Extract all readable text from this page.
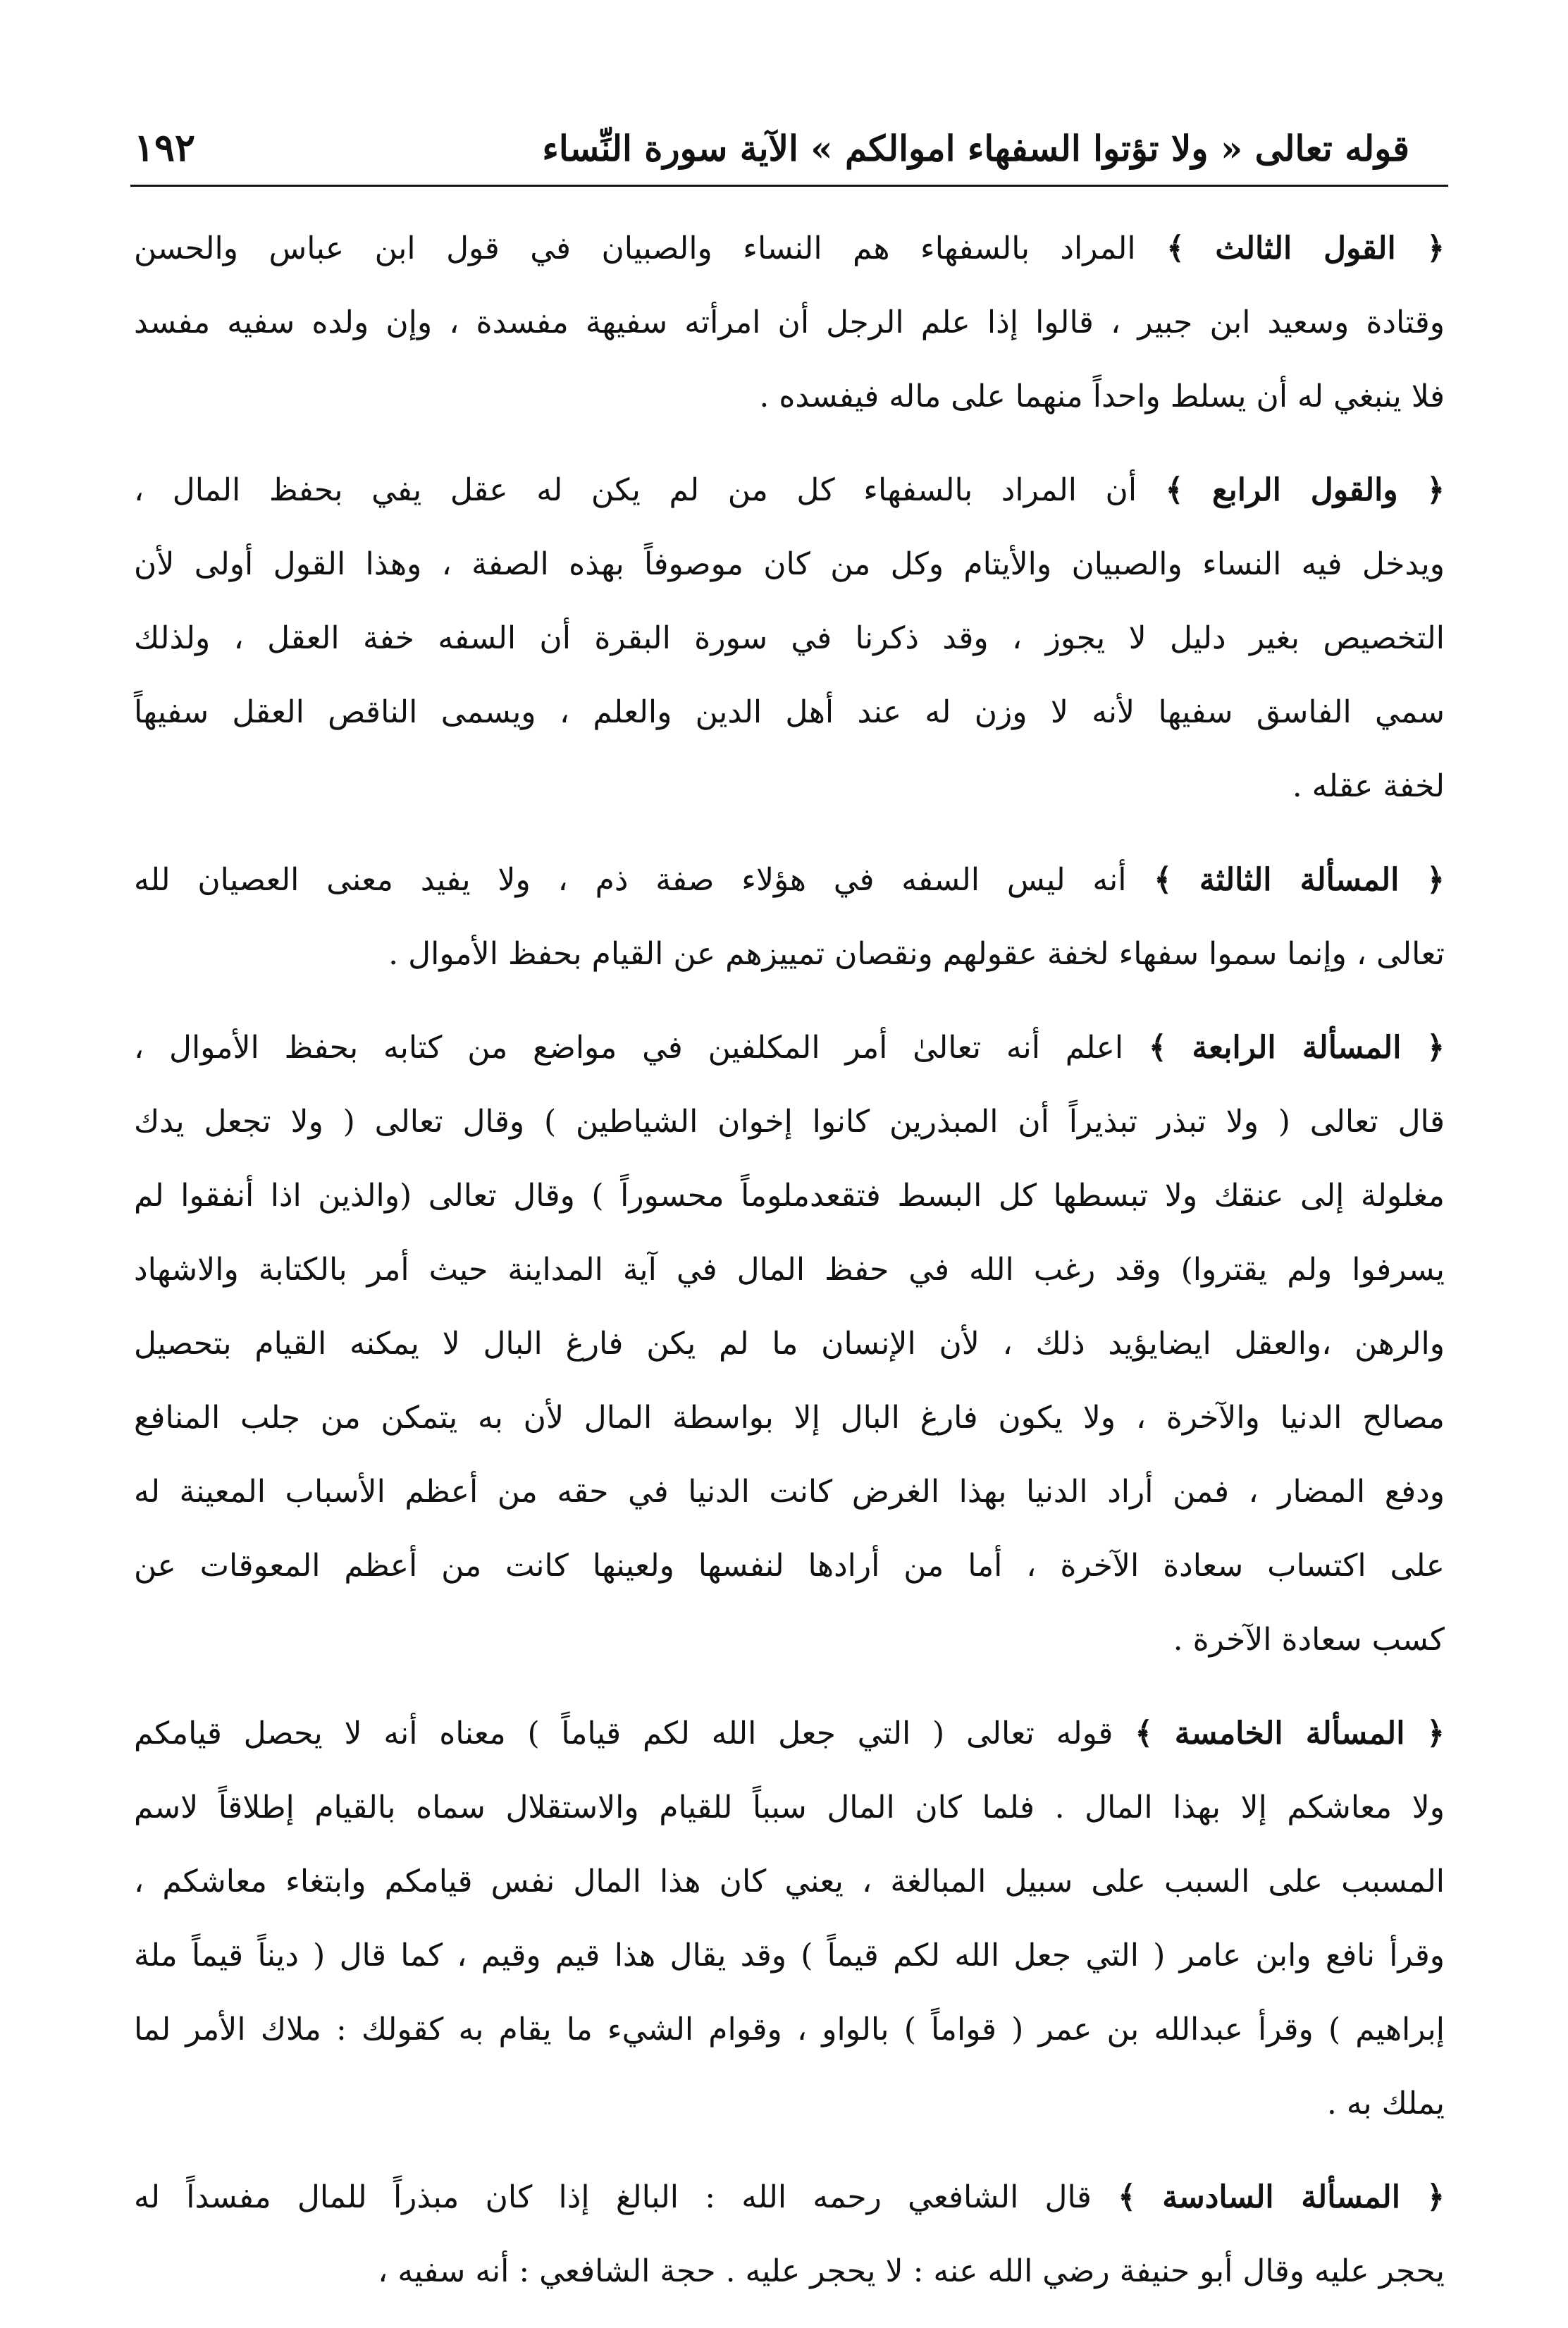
١٩٢	قوله تعالى « ولا تؤتوا السفهاء اموالكم » الآية سورة النِّساء
﴿ القول الثالث ﴾ المراد بالسفهاء هم النساء والصبيان في قول ابن عباس والحسن
وقتادة وسعيد ابن جبير ، قالوا إذا علم الرجل أن امرأته سفيهة مفسدة ، وإن ولده سفيه مفسد
فلا ينبغي له أن يسلط واحداً منهما على ماله فيفسده .
﴿ والقول الرابع ﴾ أن المراد بالسفهاء كل من لم يكن له عقل يفي بحفظ المال ،
ويدخل فيه النساء والصبيان والأيتام وكل من كان موصوفاً بهذه الصفة ، وهذا القول أولى لأن
التخصيص بغير دليل لا يجوز ، وقد ذكرنا في سورة البقرة أن السفه خفة العقل ، ولذلك
سمي الفاسق سفيها لأنه لا وزن له عند أهل الدين والعلم ، ويسمى الناقص العقل سفيهاً
لخفة عقله .
﴿ المسألة الثالثة ﴾ أنه ليس السفه في هؤلاء صفة ذم ، ولا يفيد معنى العصيان لله
تعالى ، وإنما سموا سفهاء لخفة عقولهم ونقصان تمييزهم عن القيام بحفظ الأموال .
﴿ المسألة الرابعة ﴾ اعلم أنه تعالىٰ أمر المكلفين في مواضع من كتابه بحفظ الأموال ،
قال تعالى ( ولا تبذر تبذيراً أن المبذرين كانوا إخوان الشياطين ) وقال تعالى ( ولا تجعل يدك
مغلولة إلى عنقك ولا تبسطها كل البسط فتقعدملوماً محسوراً ) وقال تعالى (والذين اذا أنفقوا لم
يسرفوا ولم يقتروا) وقد رغب الله في حفظ المال في آية المداينة حيث أمر بالكتابة والاشهاد
والرهن ،والعقل ايضايؤيد ذلك ، لأن الإنسان ما لم يكن فارغ البال لا يمكنه القيام بتحصيل
مصالح الدنيا والآخرة ، ولا يكون فارغ البال إلا بواسطة المال لأن به يتمكن من جلب المنافع
ودفع المضار ، فمن أراد الدنيا بهذا الغرض كانت الدنيا في حقه من أعظم الأسباب المعينة له
على اكتساب سعادة الآخرة ، أما من أرادها لنفسها ولعينها كانت من أعظم المعوقات عن
كسب سعادة الآخرة .
﴿ المسألة الخامسة ﴾ قوله تعالى ( التي جعل الله لكم قياماً ) معناه أنه لا يحصل قيامكم
ولا معاشكم إلا بهذا المال . فلما كان المال سبباً للقيام والاستقلال سماه بالقيام إطلاقاً لاسم
المسبب على السبب على سبيل المبالغة ، يعني كان هذا المال نفس قيامكم وابتغاء معاشكم ،
وقرأ نافع وابن عامر ( التي جعل الله لكم قيماً ) وقد يقال هذا قيم وقيم ، كما قال ( ديناً قيماً ملة
إبراهيم ) وقرأ عبدالله بن عمر ( قواماً ) بالواو ، وقوام الشيء ما يقام به كقولك : ملاك الأمر لما
يملك به .
﴿ المسألة السادسة ﴾ قال الشافعي رحمه الله : البالغ إذا كان مبذراً للمال مفسداً له
يحجر عليه وقال أبو حنيفة رضي الله عنه : لا يحجر عليه . حجة الشافعي : أنه سفيه ،
